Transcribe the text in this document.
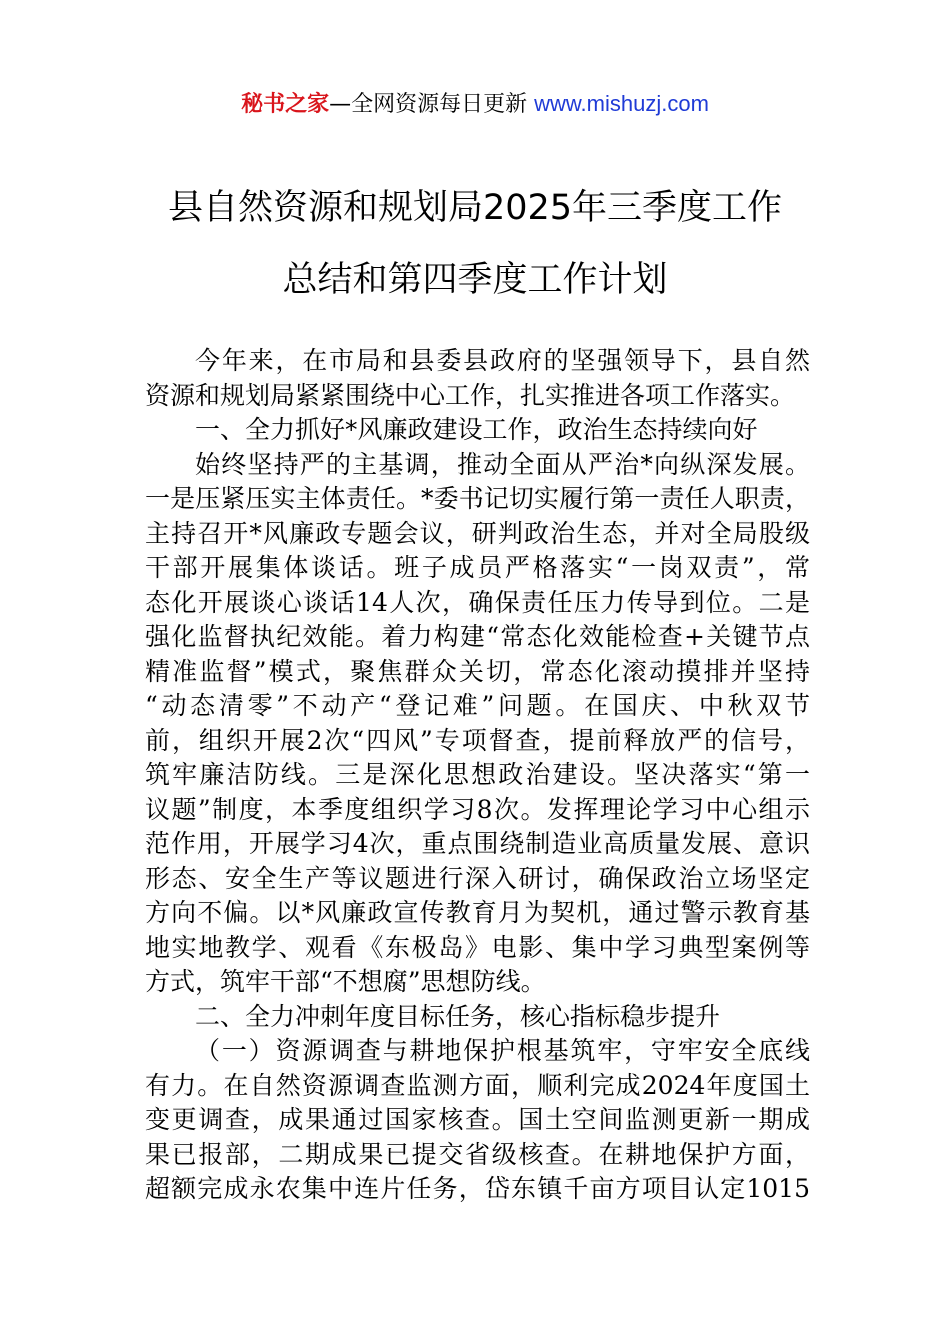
秘书之家—全网资源每日更新 www.mishuzj.com
县自然资源和规划局2025年三季度工作
总结和第四季度工作计划
今年来，在市局和县委县政府的坚强领导下，县自然
资源和规划局紧紧围绕中心工作，扎实推进各项工作落实。
一、全力抓好*风廉政建设工作，政治生态持续向好
始终坚持严的主基调，推动全面从严治*向纵深发展。
一是压紧压实主体责任。*委书记切实履行第一责任人职责，
主持召开*风廉政专题会议，研判政治生态，并对全局股级
干部开展集体谈话。班子成员严格落实“一岗双责”，常
态化开展谈心谈话14人次，确保责任压力传导到位。二是
强化监督执纪效能。着力构建“常态化效能检查+关键节点
精准监督”模式，聚焦群众关切，常态化滚动摸排并坚持
“动态清零”不动产“登记难”问题。在国庆、中秋双节
前，组织开展2次“四风”专项督查，提前释放严的信号，
筑牢廉洁防线。三是深化思想政治建设。坚决落实“第一
议题”制度，本季度组织学习8次。发挥理论学习中心组示
范作用，开展学习4次，重点围绕制造业高质量发展、意识
形态、安全生产等议题进行深入研讨，确保政治立场坚定
方向不偏。以*风廉政宣传教育月为契机，通过警示教育基
地实地教学、观看《东极岛》电影、集中学习典型案例等
方式，筑牢干部“不想腐”思想防线。
二、全力冲刺年度目标任务，核心指标稳步提升
（一）资源调查与耕地保护根基筑牢，守牢安全底线
有力。在自然资源调查监测方面，顺利完成2024年度国土
变更调查，成果通过国家核查。国土空间监测更新一期成
果已报部，二期成果已提交省级核查。在耕地保护方面，
超额完成永农集中连片任务，岱东镇千亩方项目认定1015
